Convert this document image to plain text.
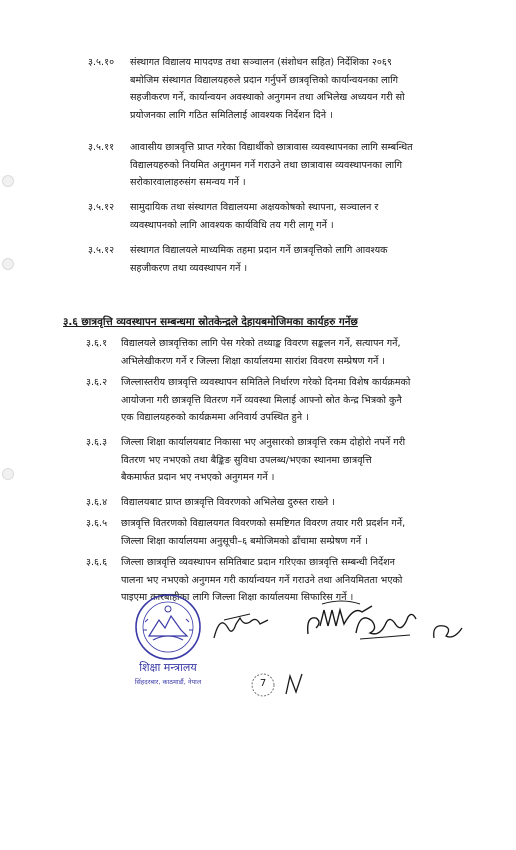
३.५.१० संस्थागत विद्यालय मापदण्ड तथा सञ्चालन (संशोधन सहित) निर्देशिका २०६९
बमोजिम संस्थागत विद्यालयहरुले प्रदान गर्नुपर्ने छात्रवृत्तिको कार्यान्वयनका लागि
सहजीकरण गर्ने, कार्यान्वयन अवस्थाको अनुगमन तथा अभिलेख अध्ययन गरी सो
प्रयोजनका लागि गठित समितिलाई आवश्यक निर्देशन दिने ।
३.५.११ आवासीय छात्रवृत्ति प्राप्त गरेका विद्यार्थीको छात्रावास व्यवस्थापनका लागि सम्बन्धित
विद्यालयहरुको नियमित अनुगमन गर्ने गराउने तथा छात्रावास व्यवस्थापनका लागि
सरोकारवालाहरुसंग समन्वय गर्ने ।
३.५.१२ सामुदायिक तथा संस्थागत विद्यालयमा अक्षयकोषको स्थापना, सञ्चालन र
व्यवस्थापनको लागि आवश्यक कार्यविधि तय गरी लागू गर्ने ।
३.५.१२ संस्थागत विद्यालयले माध्यमिक तहमा प्रदान गर्ने छात्रवृत्तिको लागि आवश्यक
सहजीकरण तथा व्यवस्थापन गर्ने ।
३.६ छात्रवृत्ति व्यवस्थापन सम्बन्धमा स्रोतकेन्द्रले देहायबमोजिमका कार्यहरु गर्नेछ
३.६.१ विद्यालयले छात्रवृत्तिका लागि पेस गरेको तथ्याङ्क विवरण सङ्कलन गर्ने, सत्यापन गर्ने,
अभिलेखीकरण गर्ने र जिल्ला शिक्षा कार्यालयमा सारांश विवरण सम्प्रेषण गर्ने ।
३.६.२ जिल्लास्तरीय छात्रवृत्ति व्यवस्थापन समितिले निर्धारण गरेको दिनमा विशेष कार्यक्रमको
आयोजना गरी छात्रवृत्ति वितरण गर्ने व्यवस्था मिलाई आफ्नो स्रोत केन्द्र भित्रको कुनै
एक विद्यालयहरुको कार्यक्रममा अनिवार्य उपस्थित हुने ।
३.६.३ जिल्ला शिक्षा कार्यालयबाट निकासा भए अनुसारको छात्रवृत्ति रकम दोहोरो नपर्ने गरी
वितरण भए नभएको तथा बैङ्किङ सुविधा उपलब्ध/भएका स्थानमा छात्रवृत्ति
बैकमार्फत प्रदान भए नभएको अनुगमन गर्ने ।
३.६.४ विद्यालयबाट प्राप्त छात्रवृत्ति विवरणको अभिलेख दुरुस्त राख्ने ।
३.६.५ छात्रवृत्ति वितरणको विद्यालयगत विवरणको समष्टिगत विवरण तयार गरी प्रदर्शन गर्ने,
जिल्ला शिक्षा कार्यालयमा अनुसूची–६ बमोजिमको ढाँचामा सम्प्रेषण गर्ने ।
३.६.६ जिल्ला छात्रवृत्ति व्यवस्थापन समितिबाट प्रदान गरिएका छात्रवृत्ति सम्बन्धी निर्देशन
पालना भए नभएको अनुगमन गरी कार्यान्वयन गर्ने गराउने तथा अनियमितता भएको
पाइएमा कारबाहीका लागि जिल्ला शिक्षा कार्यालयमा सिफारिस गर्ने ।
शिक्षा मन्त्रालय
सिंहदरबार, काठमाडौं, नेपाल	7
